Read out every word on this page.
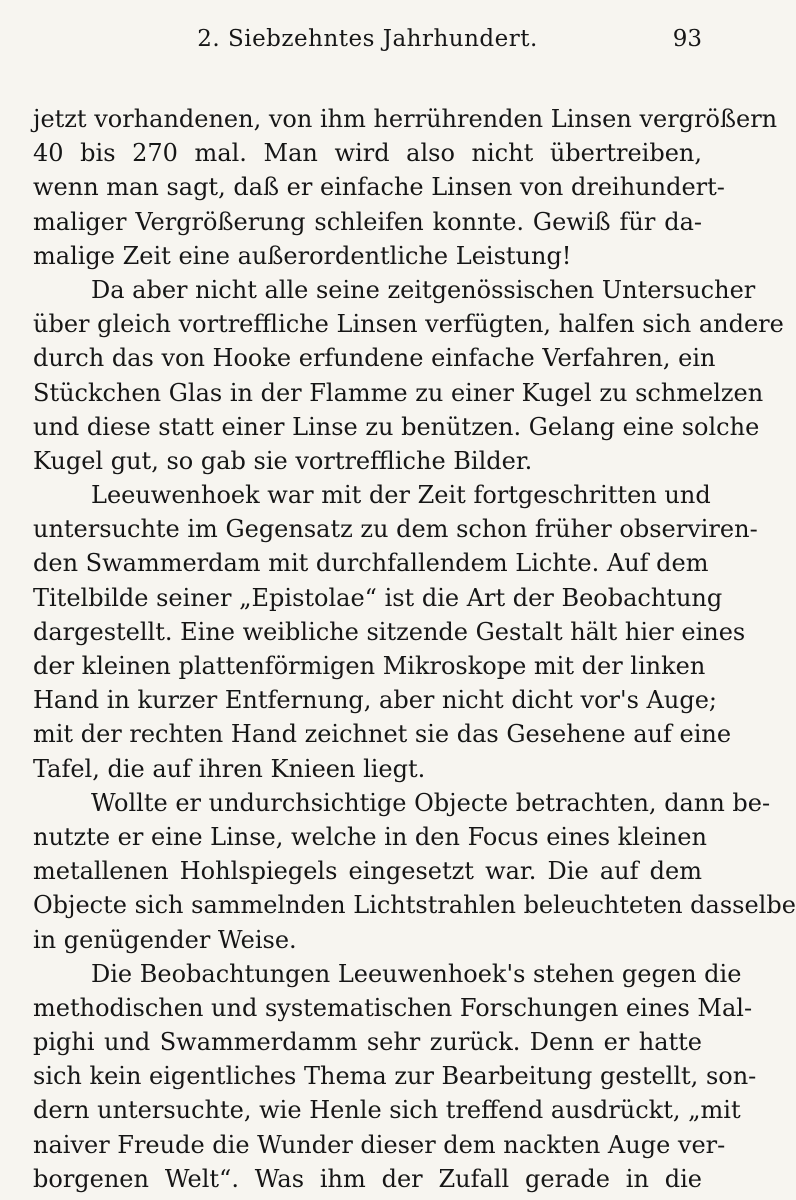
2. Siebzehntes Jahrhundert.	93

jetzt vorhandenen, von ihm herrührenden Linsen vergrößern
40 bis 270 mal. Man wird also nicht übertreiben,
wenn man sagt, daß er einfache Linsen von dreihundert-
maliger Vergrößerung schleifen konnte. Gewiß für da-
malige Zeit eine außerordentliche Leistung!

Da aber nicht alle seine zeitgenössischen Untersucher
über gleich vortreffliche Linsen verfügten, halfen sich andere
durch das von Hooke erfundene einfache Verfahren, ein
Stückchen Glas in der Flamme zu einer Kugel zu schmelzen
und diese statt einer Linse zu benützen. Gelang eine solche
Kugel gut, so gab sie vortreffliche Bilder.

Leeuwenhoek war mit der Zeit fortgeschritten und
untersuchte im Gegensatz zu dem schon früher observiren-
den Swammerdam mit durchfallendem Lichte. Auf dem
Titelbilde seiner „Epistolae“ ist die Art der Beobachtung
dargestellt. Eine weibliche sitzende Gestalt hält hier eines
der kleinen plattenförmigen Mikroskope mit der linken
Hand in kurzer Entfernung, aber nicht dicht vor's Auge;
mit der rechten Hand zeichnet sie das Gesehene auf eine
Tafel, die auf ihren Knieen liegt.

Wollte er undurchsichtige Objecte betrachten, dann be-
nutzte er eine Linse, welche in den Focus eines kleinen
metallenen Hohlspiegels eingesetzt war. Die auf dem
Objecte sich sammelnden Lichtstrahlen beleuchteten dasselbe
in genügender Weise.

Die Beobachtungen Leeuwenhoek's stehen gegen die
methodischen und systematischen Forschungen eines Mal-
pighi und Swammerdamm sehr zurück. Denn er hatte
sich kein eigentliches Thema zur Bearbeitung gestellt, son-
dern untersuchte, wie Henle sich treffend ausdrückt, „mit
naiver Freude die Wunder dieser dem nackten Auge ver-
borgenen Welt“. Was ihm der Zufall gerade in die
